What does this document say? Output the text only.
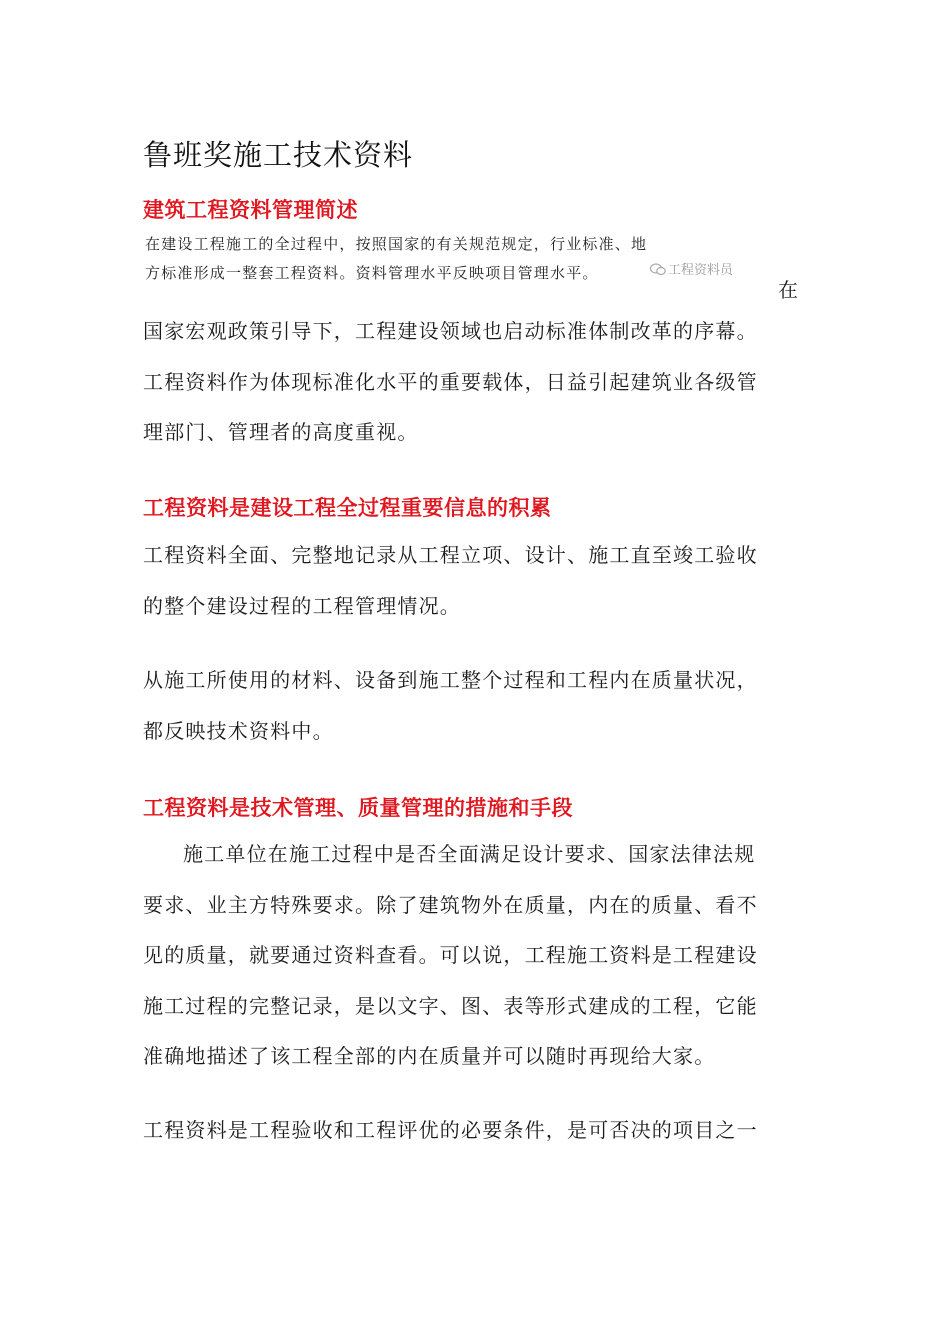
鲁班奖施工技术资料
建筑工程资料管理简述
在建设工程施工的全过程中，按照国家的有关规范规定，行业标准、地
方标准形成一整套工程资料。资料管理水平反映项目管理水平。	工程资料员
在

国家宏观政策引导下，工程建设领域也启动标准体制改革的序幕。
工程资料作为体现标准化水平的重要载体，日益引起建筑业各级管
理部门、管理者的高度重视。

工程资料是建设工程全过程重要信息的积累

工程资料全面、完整地记录从工程立项、设计、施工直至竣工验收
的整个建设过程的工程管理情况。

从施工所使用的材料、设备到施工整个过程和工程内在质量状况，
都反映技术资料中。

工程资料是技术管理、质量管理的措施和手段

施工单位在施工过程中是否全面满足设计要求、国家法律法规
要求、业主方特殊要求。除了建筑物外在质量，内在的质量、看不
见的质量，就要通过资料查看。可以说，工程施工资料是工程建设
施工过程的完整记录，是以文字、图、表等形式建成的工程，它能
准确地描述了该工程全部的内在质量并可以随时再现给大家。

工程资料是工程验收和工程评优的必要条件，是可否决的项目之一
